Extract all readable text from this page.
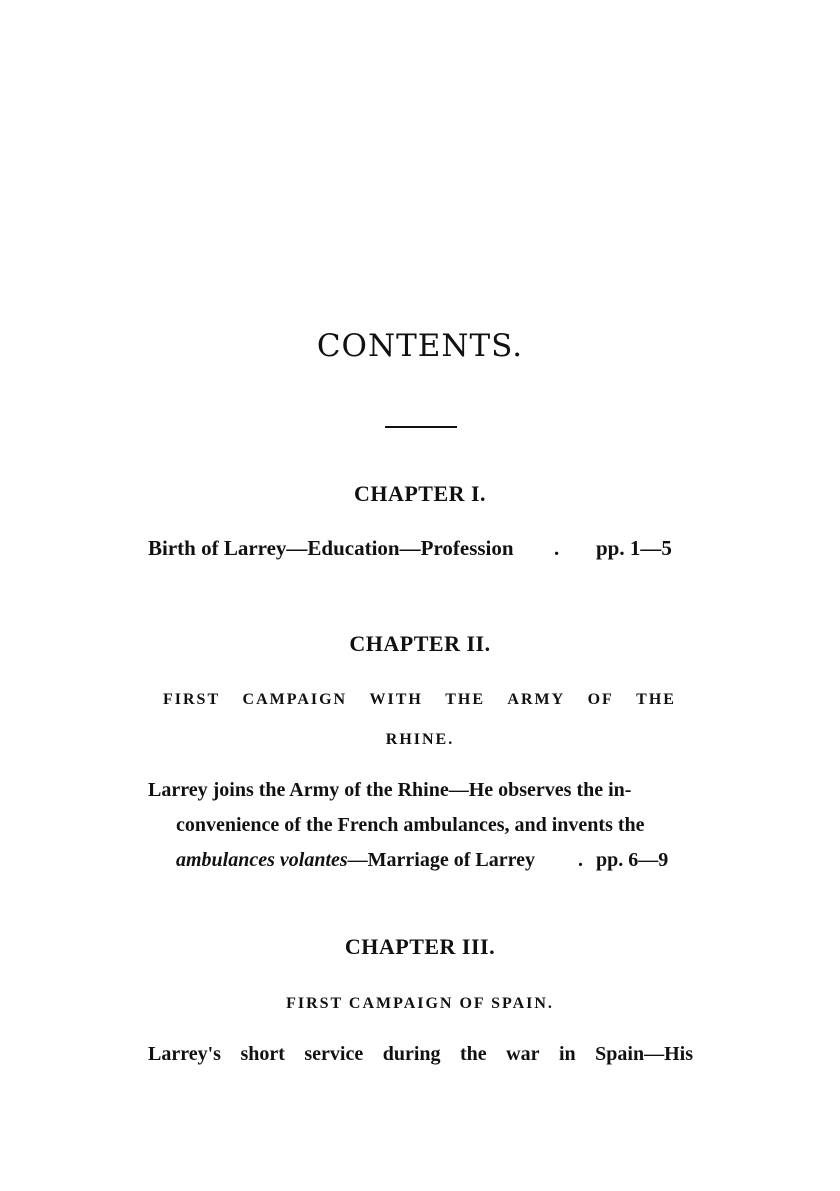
CONTENTS.
CHAPTER I.
Birth of Larrey—Education—Profession . pp. 1—5
CHAPTER II.
FIRST CAMPAIGN WITH THE ARMY OF THE
RHINE.
Larrey joins the Army of the Rhine—He observes the in-
convenience of the French ambulances, and invents the
ambulances volantes—Marriage of Larrey . pp. 6—9
CHAPTER III.
FIRST CAMPAIGN OF SPAIN.
Larrey's short service during the war in Spain—His
